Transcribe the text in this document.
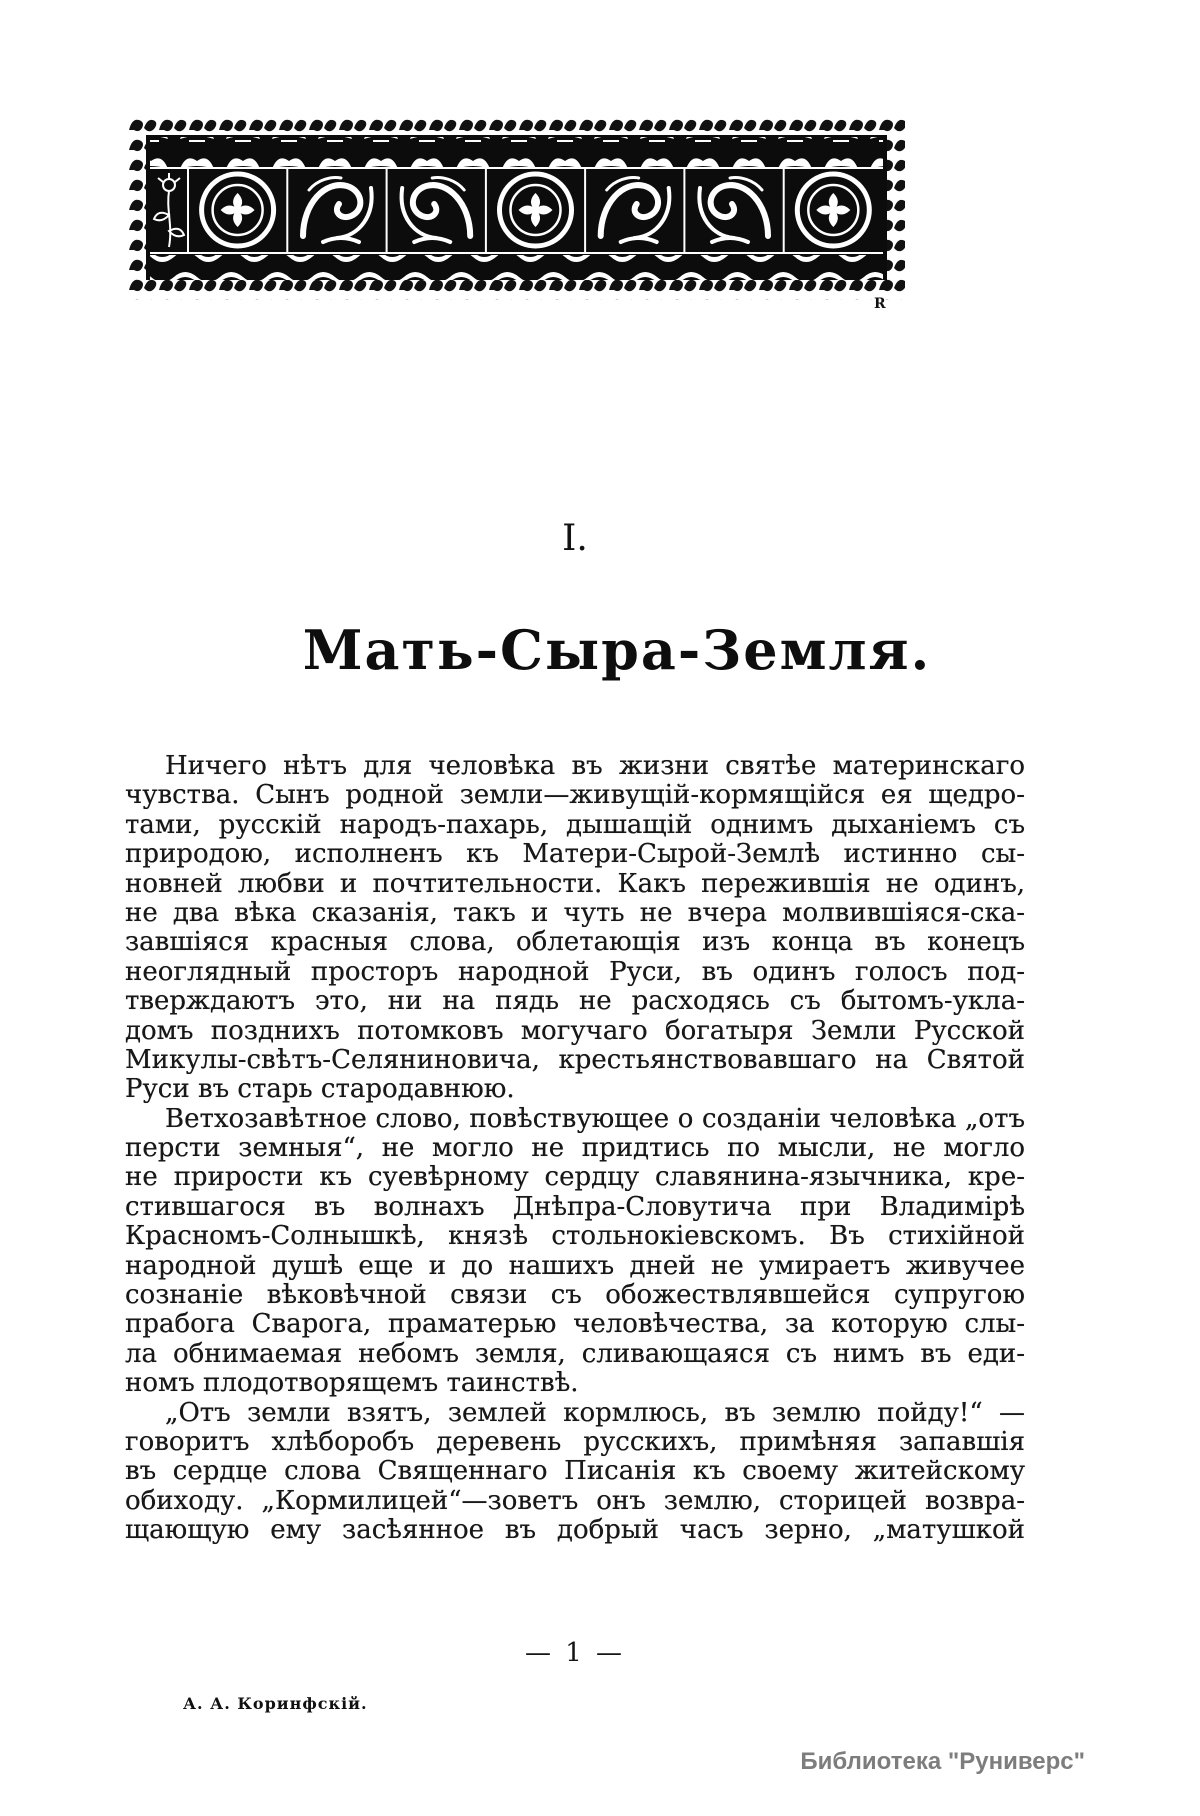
R
I.
Мать-Сыра-Земля.
Ничего нѣтъ для человѣка въ жизни святѣе материнскаго
чувства. Сынъ родной земли—живущій-кормящійся ея щедро-
тами, русскій народъ-пахарь, дышащій однимъ дыханіемъ съ
природою, исполненъ къ Матери-Сырой-Землѣ истинно сы-
новней любви и почтительности. Какъ пережившія не одинъ,
не два вѣка сказанія, такъ и чуть не вчера молвившіяся-ска-
завшіяся красныя слова, облетающія изъ конца въ конецъ
неоглядный просторъ народной Руси, въ одинъ голосъ под-
тверждаютъ это, ни на пядь не расходясь съ бытомъ-укла-
домъ позднихъ потомковъ могучаго богатыря Земли Русской
Микулы-свѣтъ-Селяниновича, крестьянствовавшаго на Святой
Руси въ старь стародавнюю.
Ветхозавѣтное слово, повѣствующее о созданіи человѣка „отъ
персти земныя“, не могло не придтись по мысли, не могло
не прирости къ суевѣрному сердцу славянина-язычника, кре-
стившагося въ волнахъ Днѣпра-Словутича при Владимірѣ
Красномъ-Солнышкѣ, князѣ стольнокіевскомъ. Въ стихійной
народной душѣ еще и до нашихъ дней не умираетъ живучее
сознаніе вѣковѣчной связи съ обожествлявшейся супругою
прабога Сварога, праматерью человѣчества, за которую слы-
ла обнимаемая небомъ земля, сливающаяся съ нимъ въ еди-
номъ плодотворящемъ таинствѣ.
„Отъ земли взятъ, землей кормлюсь, въ землю пойду!“ —
говоритъ хлѣборобъ деревень русскихъ, примѣняя запавшія
въ сердце слова Священнаго Писанія къ своему житейскому
обиходу. „Кормилицей“—зоветъ онъ землю, сторицей возвра-
щающую ему засѣянное въ добрый часъ зерно, „матушкой
— 1 —
А. А. Коринфскій.
Библиотека "Руниверс"
